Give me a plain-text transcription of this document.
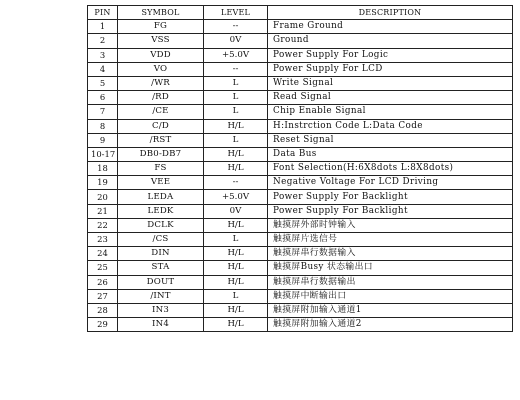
PIN	SYMBOL	LEVEL	DESCRIPTION
1	FG	--	Frame Ground
2	VSS	0V	Ground
3	VDD	+5.0V	Power Supply For Logic
4	VO	--	Power Supply For LCD
5	/WR	L	Write Signal
6	/RD	L	Read Signal
7	/CE	L	Chip Enable Signal
8	C/D	H/L	H:Instrction Code L:Data Code
9	/RST	L	Reset Signal
10-17	DB0-DB7	H/L	Data Bus
18	FS	H/L	Font Selection(H:6X8dots L:8X8dots)
19	VEE	--	Negative Voltage For LCD Driving
20	LEDA	+5.0V	Power Supply For Backlight
21	LEDK	0V	Power Supply For Backlight
22	DCLK	H/L	触摸屏外部时钟输入
23	/CS	L	触摸屏片选信号
24	DIN	H/L	触摸屏串行数据输入
25	STA	H/L	触摸屏Busy 状态输出口
26	DOUT	H/L	触摸屏串行数据输出
27	/INT	L	触摸屏中断输出口
28	IN3	H/L	触摸屏附加输入通道1
29	IN4	H/L	触摸屏附加输入通道2
